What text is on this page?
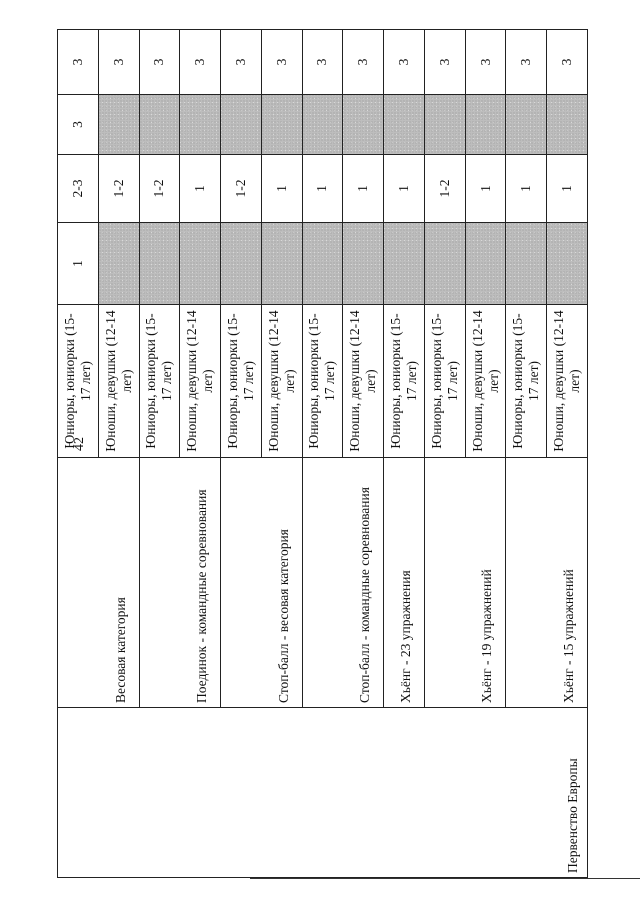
42
Первенство Европы	Весовая категория	Юниоры, юниорки (15-17 лет)	1	2-3	3	3
		Юноши, девушки (12-14 лет)		1-2		3
	Поединок - командные соревнования	Юниоры, юниорки (15-17 лет)		1-2		3
		Юноши, девушки (12-14 лет)		1		3
	Стоп-балл - весовая категория	Юниоры, юниорки (15-17 лет)		1-2		3
		Юноши, девушки (12-14 лет)		1		3
	Стоп-балл - командные соревнования	Юниоры, юниорки (15-17 лет)		1		3
		Юноши, девушки (12-14 лет)		1		3
	Хьёнг - 23 упражнения	Юниоры, юниорки (15-17 лет)		1		3
	Хьёнг - 19 упражнений	Юниоры, юниорки (15-17 лет)		1-2		3
		Юноши, девушки (12-14 лет)		1		3
	Хьёнг - 15 упражнений	Юниоры, юниорки (15-17 лет)		1		3
		Юноши, девушки (12-14 лет)		1		3
